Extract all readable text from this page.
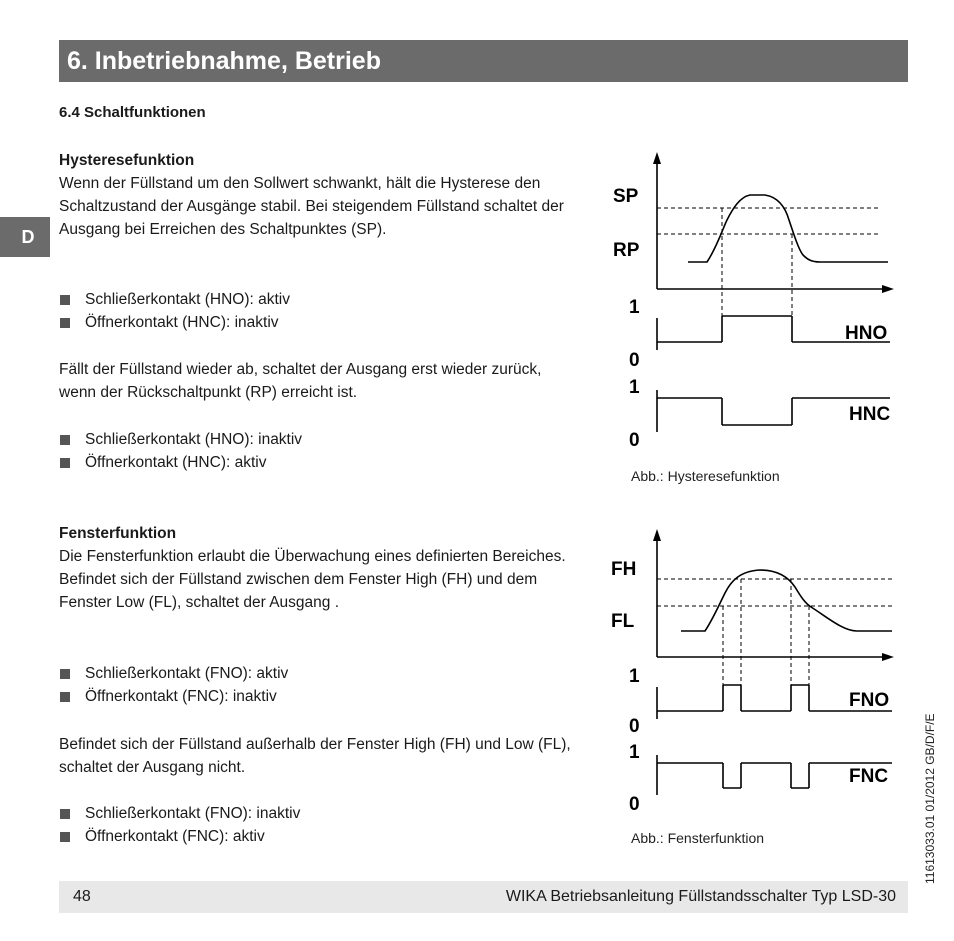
6. Inbetriebnahme, Betrieb
D
6.4 Schaltfunktionen
Hysteresefunktion

Wenn der Füllstand um den Sollwert schwankt, hält die Hysterese den Schaltzustand der Ausgänge stabil. Bei steigendem Füllstand schaltet der Ausgang bei Erreichen des Schaltpunktes (SP).

Schließerkontakt (HNO): aktiv
Öffnerkontakt (HNC): inaktiv

Fällt der Füllstand wieder ab, schaltet der Ausgang erst wieder zurück, wenn der Rückschaltpunkt (RP) erreicht ist.

Schließerkontakt (HNO): inaktiv
Öffnerkontakt (HNC): aktiv
Fensterfunktion

Die Fensterfunktion erlaubt die Überwachung eines definierten Bereiches.

Befindet sich der Füllstand zwischen dem Fenster High (FH) und dem Fenster Low (FL), schaltet der Ausgang .

Schließerkontakt (FNO): aktiv
Öffnerkontakt (FNC): inaktiv

Befindet sich der Füllstand außerhalb der Fenster High (FH) und Low (FL), schaltet der Ausgang nicht.

Schließerkontakt (FNO): inaktiv
Öffnerkontakt (FNC): aktiv
SP
RP
1
0
1
0
HNO
HNC
Abb.: Hysteresefunktion
FH
FL
1
0
1
0
FNO
FNC
Abb.: Fensterfunktion
48	WIKA Betriebsanleitung Füllstandsschalter Typ LSD-30
11613033.01 01/2012 GB/D/F/E
